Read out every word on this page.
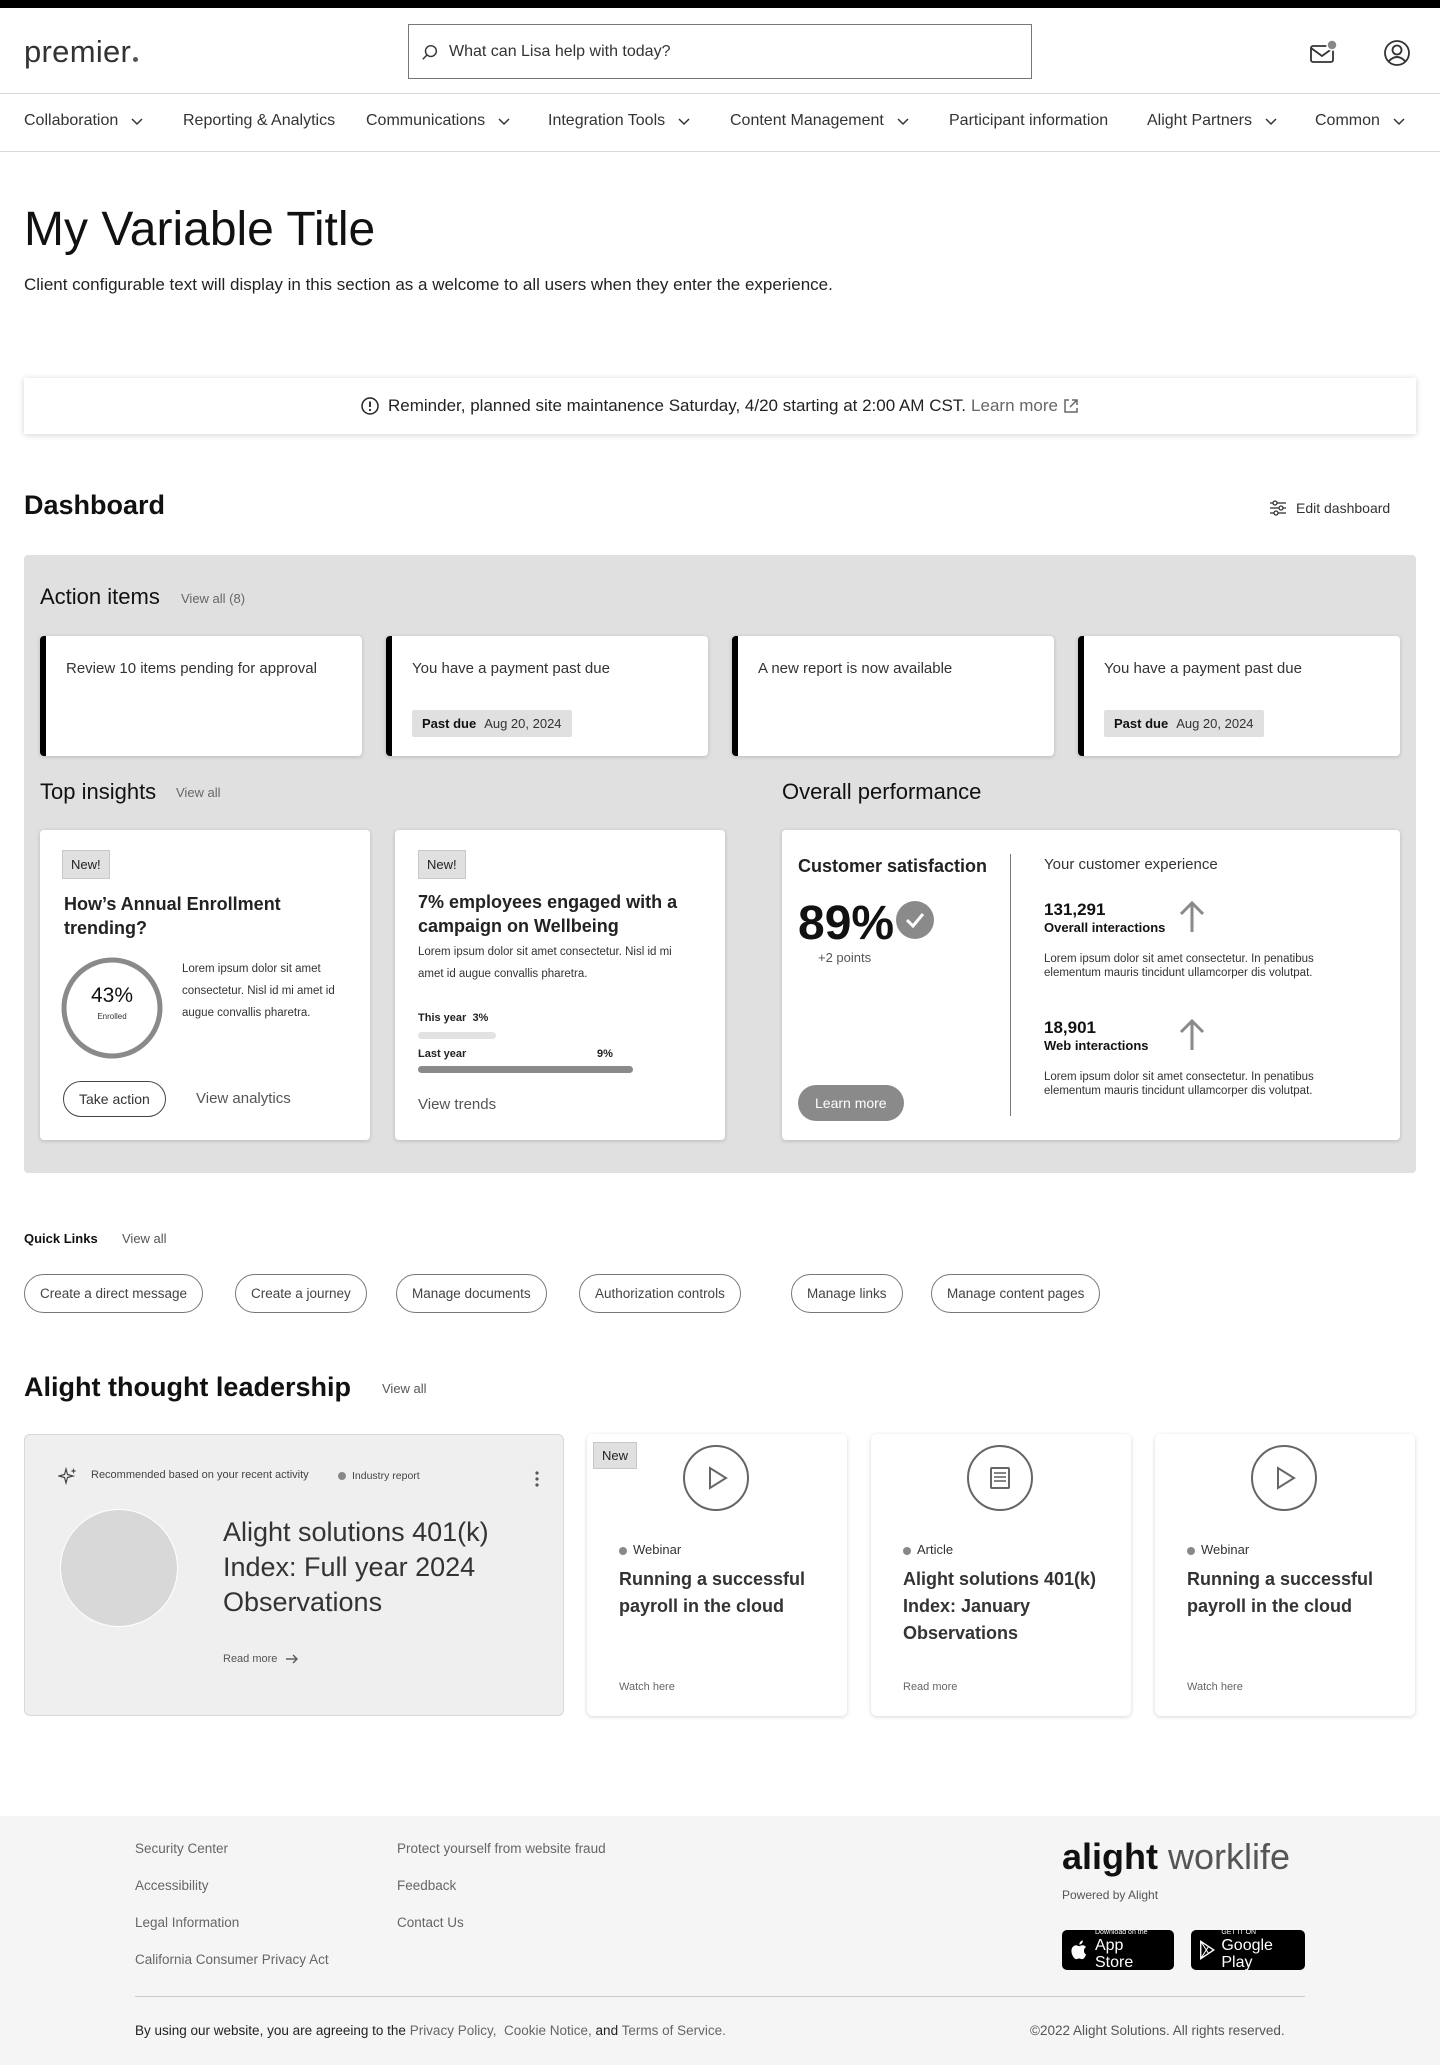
premier
What can Lisa help with today?
Collaboration	Reporting & Analytics Communications	Integration Tools	Content Management	Participant information Alight Partners	Common
My Variable Title

Client configurable text will display in this section as a welcome to all users when they enter the experience.

Reminder, planned site maintanence Saturday, 4/20 starting at 2:00 AM CST. Learn more
Dashboard	Edit dashboard
Action items View all (8)
Review 10 items pending for approval	You have a payment past due
Past due Aug 20, 2024
A new report is now available	You have a payment past due
Past due Aug 20, 2024
Top insights View all
New!
How’s Annual Enrollment trending?
43%
Enrolled
Lorem ipsum dolor sit amet consectetur. Nisl id mi amet id augue convallis pharetra.
Take action	View analytics
New!
7% employees engaged with a campaign on Wellbeing
Lorem ipsum dolor sit amet consectetur. Nisl id mi amet id augue convallis pharetra.
This year 3%
Last year	9%
View trends
Overall performance
Customer satisfaction
89%
+2 points
Learn more
Your customer experience
131,291
Overall interactions
Lorem ipsum dolor sit amet consectetur. In penatibus elementum mauris tincidunt ullamcorper dis volutpat.
18,901
Web interactions
Lorem ipsum dolor sit amet consectetur. In penatibus elementum mauris tincidunt ullamcorper dis volutpat.
Quick Links View all
Create a direct message	Create a journey	Manage documents	Authorization controls	Manage links	Manage content pages
Alight thought leadership View all
Recommended based on your recent activity	Industry report
Alight solutions 401(k) Index: Full year 2024 Observations
Read more
New
Webinar
Running a successful payroll in the cloud
Watch here
Article
Alight solutions 401(k) Index: January Observations
Read more
Webinar
Running a successful payroll in the cloud
Watch here
Security Center
Accessibility
Legal Information
California Consumer Privacy Act
Protect yourself from website fraud
Feedback
Contact Us
alight worklife
Powered by Alight
Download on the
App Store
GET IT ON
Google Play
By using our website, you are agreeing to the Privacy Policy, Cookie Notice, and Terms of Service.	©2022 Alight Solutions. All rights reserved.
